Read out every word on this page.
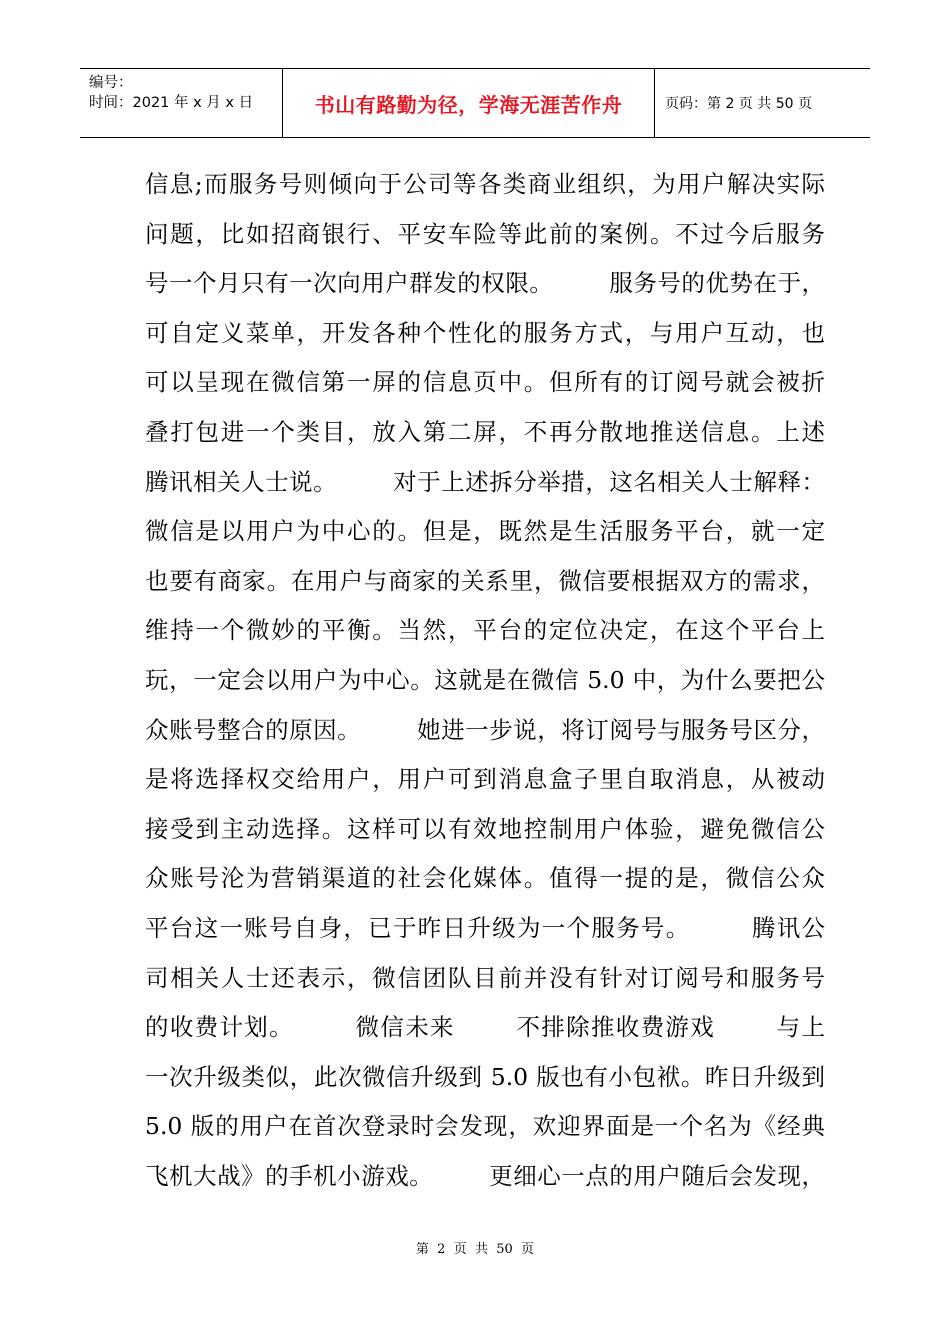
编号：
时间：2021 年 x 月 x 日	书山有路勤为径，学海无涯苦作舟	页码：第 2 页 共 50 页
信息;而服务号则倾向于公司等各类商业组织，为用户解决实际
问题，比如招商银行、平安车险等此前的案例。不过今后服务
号一个月只有一次向用户群发的权限。       服务号的优势在于，
可自定义菜单，开发各种个性化的服务方式，与用户互动，也
可以呈现在微信第一屏的信息页中。但所有的订阅号就会被折
叠打包进一个类目，放入第二屏，不再分散地推送信息。上述
腾讯相关人士说。       对于上述拆分举措，这名相关人士解释：
微信是以用户为中心的。但是，既然是生活服务平台，就一定
也要有商家。在用户与商家的关系里，微信要根据双方的需求，
维持一个微妙的平衡。当然，平台的定位决定，在这个平台上
玩，一定会以用户为中心。这就是在微信 5.0 中，为什么要把公
众账号整合的原因。       她进一步说，将订阅号与服务号区分，
是将选择权交给用户，用户可到消息盒子里自取消息，从被动
接受到主动选择。这样可以有效地控制用户体验，避免微信公
众账号沦为营销渠道的社会化媒体。值得一提的是，微信公众
平台这一账号自身，已于昨日升级为一个服务号。       腾讯公
司相关人士还表示，微信团队目前并没有针对订阅号和服务号
的收费计划。       微信未来       不排除推收费游戏       与上
一次升级类似，此次微信升级到 5.0 版也有小包袱。昨日升级到
5.0 版的用户在首次登录时会发现，欢迎界面是一个名为《经典
飞机大战》的手机小游戏。       更细心一点的用户随后会发现，
第  2  页  共  50  页
